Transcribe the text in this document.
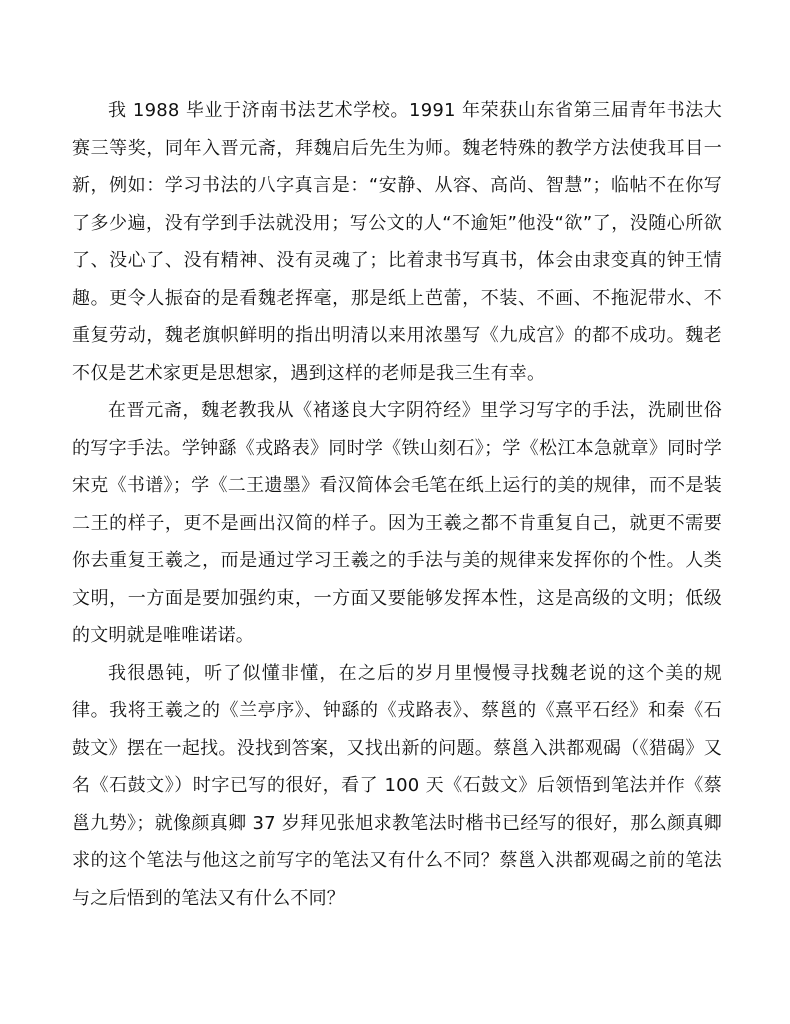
我 1988 毕业于济南书法艺术学校。1991 年荣获山东省第三届青年书法大赛三等奖，同年入晋元斋，拜魏启后先生为师。魏老特殊的教学方法使我耳目一新，例如：学习书法的八字真言是：“安静、从容、高尚、智慧”；临帖不在你写了多少遍，没有学到手法就没用；写公文的人“不逾矩”他没“欲”了，没随心所欲了、没心了、没有精神、没有灵魂了；比着隶书写真书，体会由隶变真的钟王情趣。更令人振奋的是看魏老挥毫，那是纸上芭蕾，不装、不画、不拖泥带水、不重复劳动，魏老旗帜鲜明的指出明清以来用浓墨写《九成宫》的都不成功。魏老不仅是艺术家更是思想家，遇到这样的老师是我三生有幸。

在晋元斋，魏老教我从《褚遂良大字阴符经》里学习写字的手法，洗刷世俗的写字手法。学钟繇《戎路表》同时学《铁山刻石》；学《松江本急就章》同时学宋克《书谱》；学《二王遗墨》看汉简体会毛笔在纸上运行的美的规律，而不是装二王的样子，更不是画出汉简的样子。因为王羲之都不肯重复自己，就更不需要你去重复王羲之，而是通过学习王羲之的手法与美的规律来发挥你的个性。人类文明，一方面是要加强约束，一方面又要能够发挥本性，这是高级的文明；低级的文明就是唯唯诺诺。

我很愚钝，听了似懂非懂，在之后的岁月里慢慢寻找魏老说的这个美的规律。我将王羲之的《兰亭序》、钟繇的《戎路表》、蔡邕的《熹平石经》和秦《石鼓文》摆在一起找。没找到答案，又找出新的问题。蔡邕入洪都观碣（《猎碣》又名《石鼓文》）时字已写的很好，看了 100 天《石鼓文》后领悟到笔法并作《蔡邕九势》；就像颜真卿 37 岁拜见张旭求教笔法时楷书已经写的很好，那么颜真卿求的这个笔法与他这之前写字的笔法又有什么不同？蔡邕入洪都观碣之前的笔法与之后悟到的笔法又有什么不同？
